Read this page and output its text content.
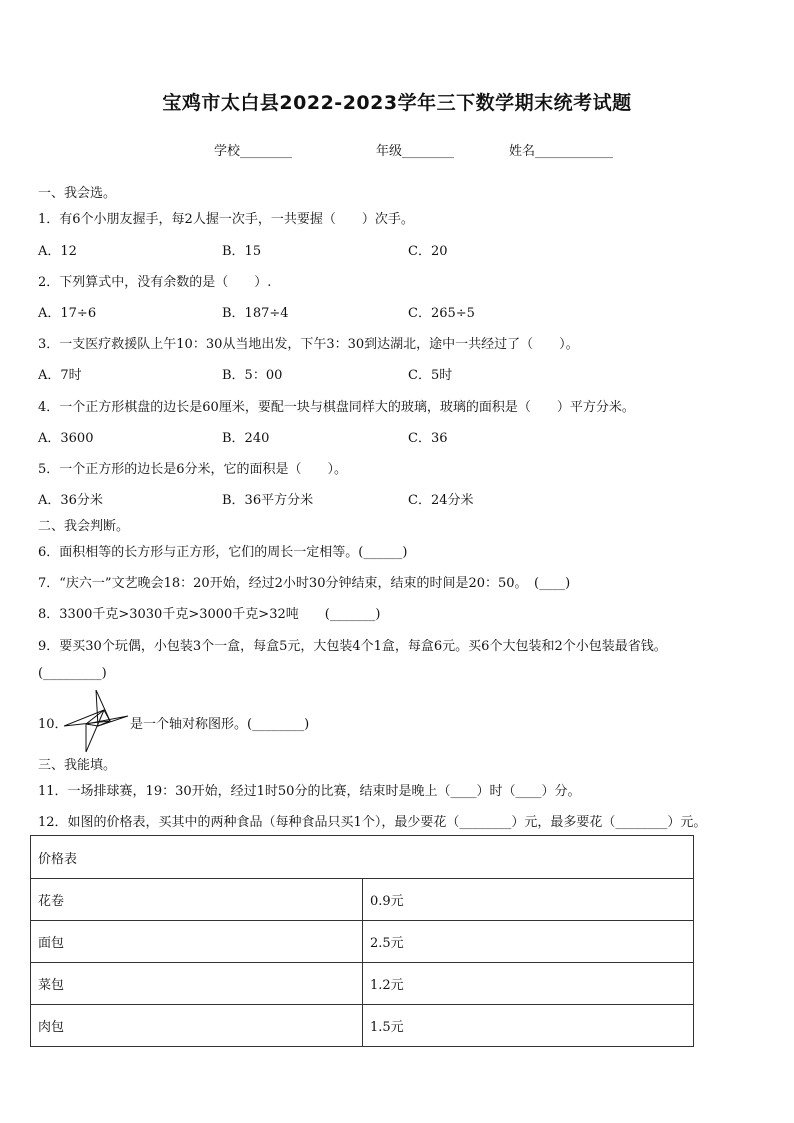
宝鸡市太白县2022-2023学年三下数学期末统考试题
学校________	年级________	姓名____________
一、我会选。
1．有6个小朋友握手，每2人握一次手，一共要握（　　）次手。
A．12	B．15	C．20
2．下列算式中，没有余数的是（　　）.
A．17÷6	B．187÷4	C．265÷5
3．一支医疗救援队上午10：30从当地出发，下午3：30到达湖北，途中一共经过了（　　）。
A．7时	B．5：00	C．5时
4．一个正方形棋盘的边长是60厘米，要配一块与棋盘同样大的玻璃，玻璃的面积是（　　）平方分米。
A．3600	B．240	C．36
5．一个正方形的边长是6分米，它的面积是（　　）。
A．36分米	B．36平方分米	C．24分米
二、我会判断。
6．面积相等的长方形与正方形，它们的周长一定相等。(______)
7．“庆六一”文艺晚会18：20开始，经过2小时30分钟结束，结束的时间是20：50。　(____)
8．3300千克>3030千克>3000千克>32吨　　(_______)
9．要买30个玩偶，小包装3个一盒，每盒5元，大包装4个1盒，每盒6元。买6个大包装和2个小包装最省钱。
(_________)
10．	是一个轴对称图形。(________)
三、我能填。
11．一场排球赛，19：30开始，经过1时50分的比赛，结束时是晚上（____）时（____）分。
12．如图的价格表，买其中的两种食品（每种食品只买1个），最少要花（________）元，最多要花（________）元。
价格表	
花卷	0.9元
面包	2.5元
菜包	1.2元
肉包	1.5元
